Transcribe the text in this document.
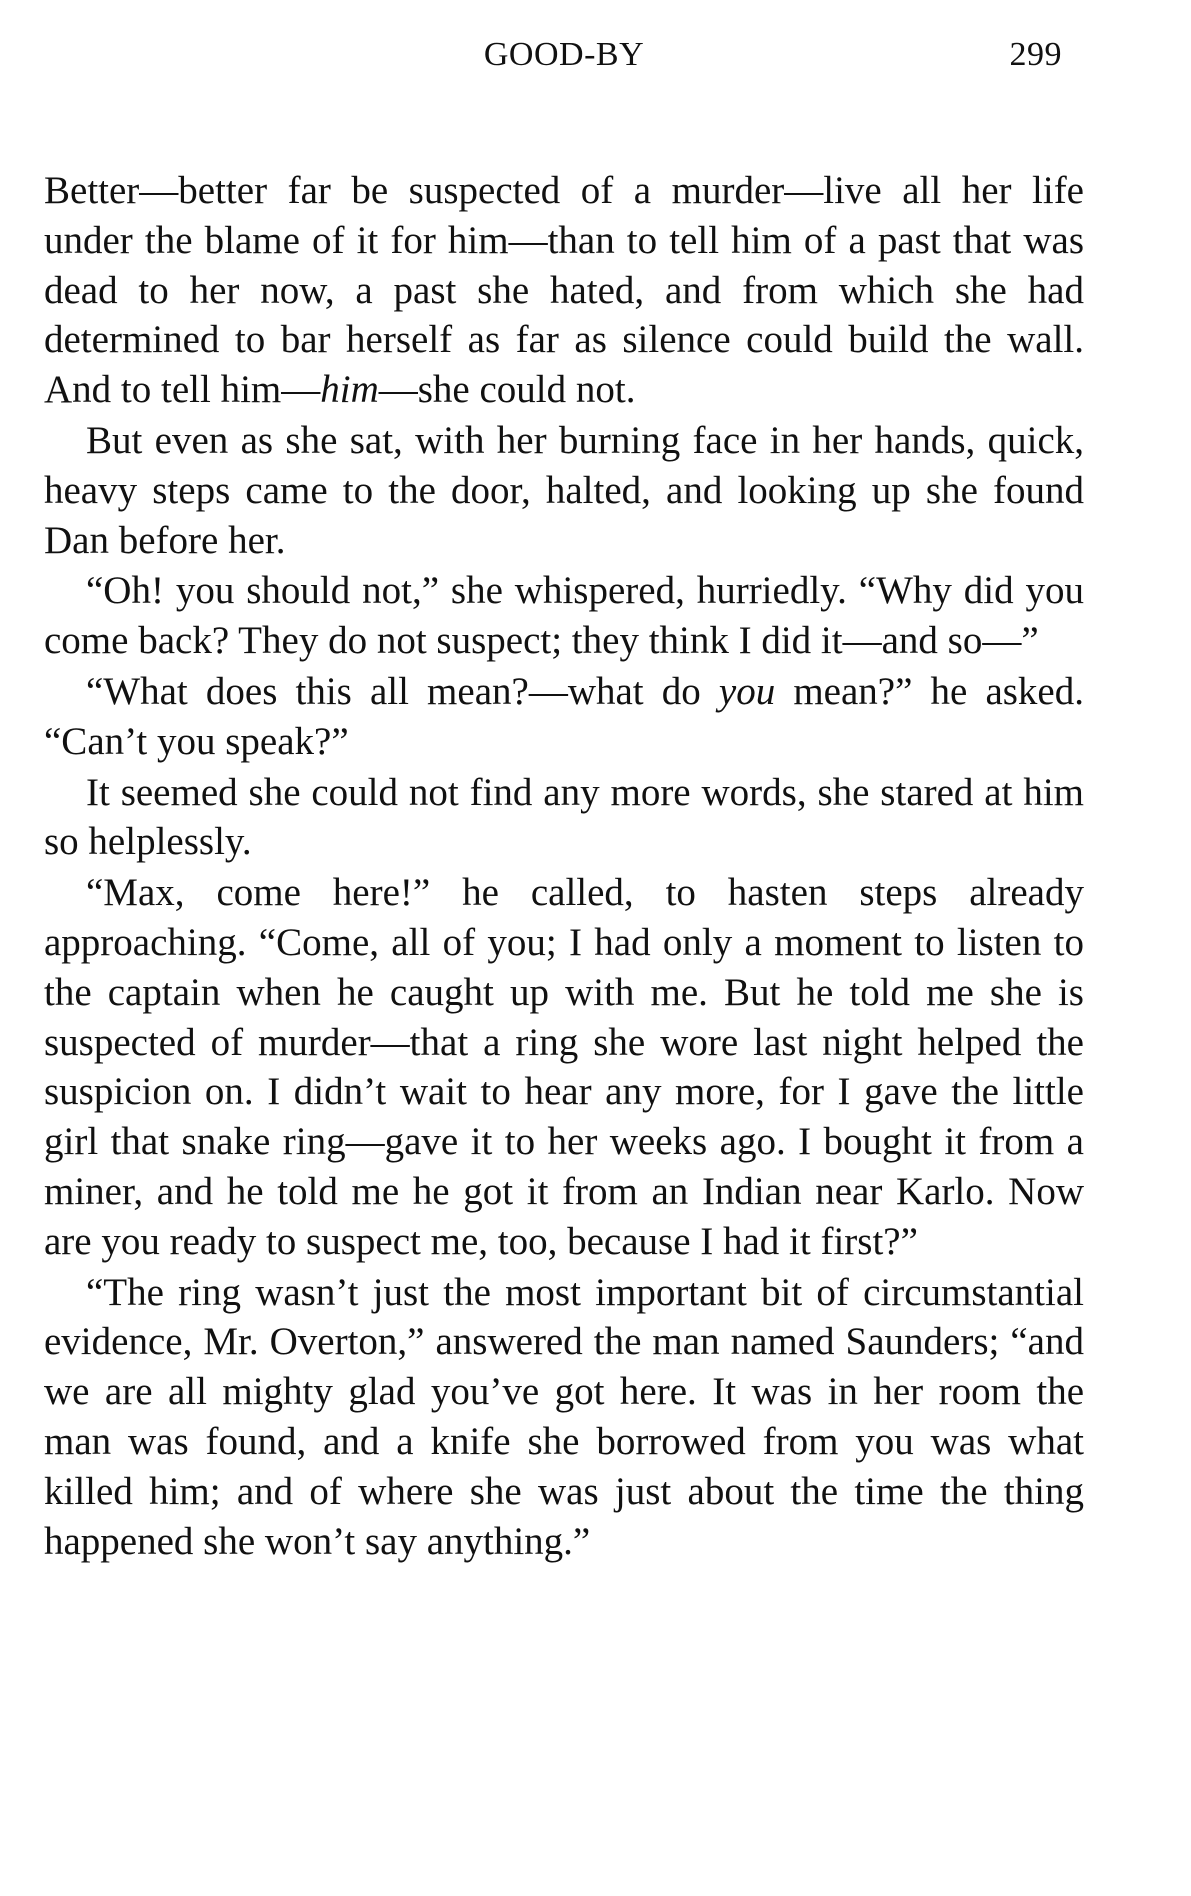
GOOD-BY	299

Better—better far be suspected of a murder—live all her life under the blame of it for him—than to tell him of a past that was dead to her now, a past she hated, and from which she had determined to bar herself as far as silence could build the wall. And to tell him—him—she could not.

But even as she sat, with her burning face in her hands, quick, heavy steps came to the door, halted, and looking up she found Dan before her.

“Oh! you should not,” she whispered, hurriedly. “Why did you come back? They do not suspect; they think I did it—and so—”

“What does this all mean?—what do you mean?” he asked. “Can’t you speak?”

It seemed she could not find any more words, she stared at him so helplessly.

“Max, come here!” he called, to hasten steps already approaching. “Come, all of you; I had only a moment to listen to the captain when he caught up with me. But he told me she is suspected of murder—that a ring she wore last night helped the suspicion on. I didn’t wait to hear any more, for I gave the little girl that snake ring—gave it to her weeks ago. I bought it from a miner, and he told me he got it from an Indian near Karlo. Now are you ready to suspect me, too, because I had it first?”

“The ring wasn’t just the most important bit of circumstantial evidence, Mr. Overton,” answered the man named Saunders; “and we are all mighty glad you’ve got here. It was in her room the man was found, and a knife she borrowed from you was what killed him; and of where she was just about the time the thing happened she won’t say anything.”
